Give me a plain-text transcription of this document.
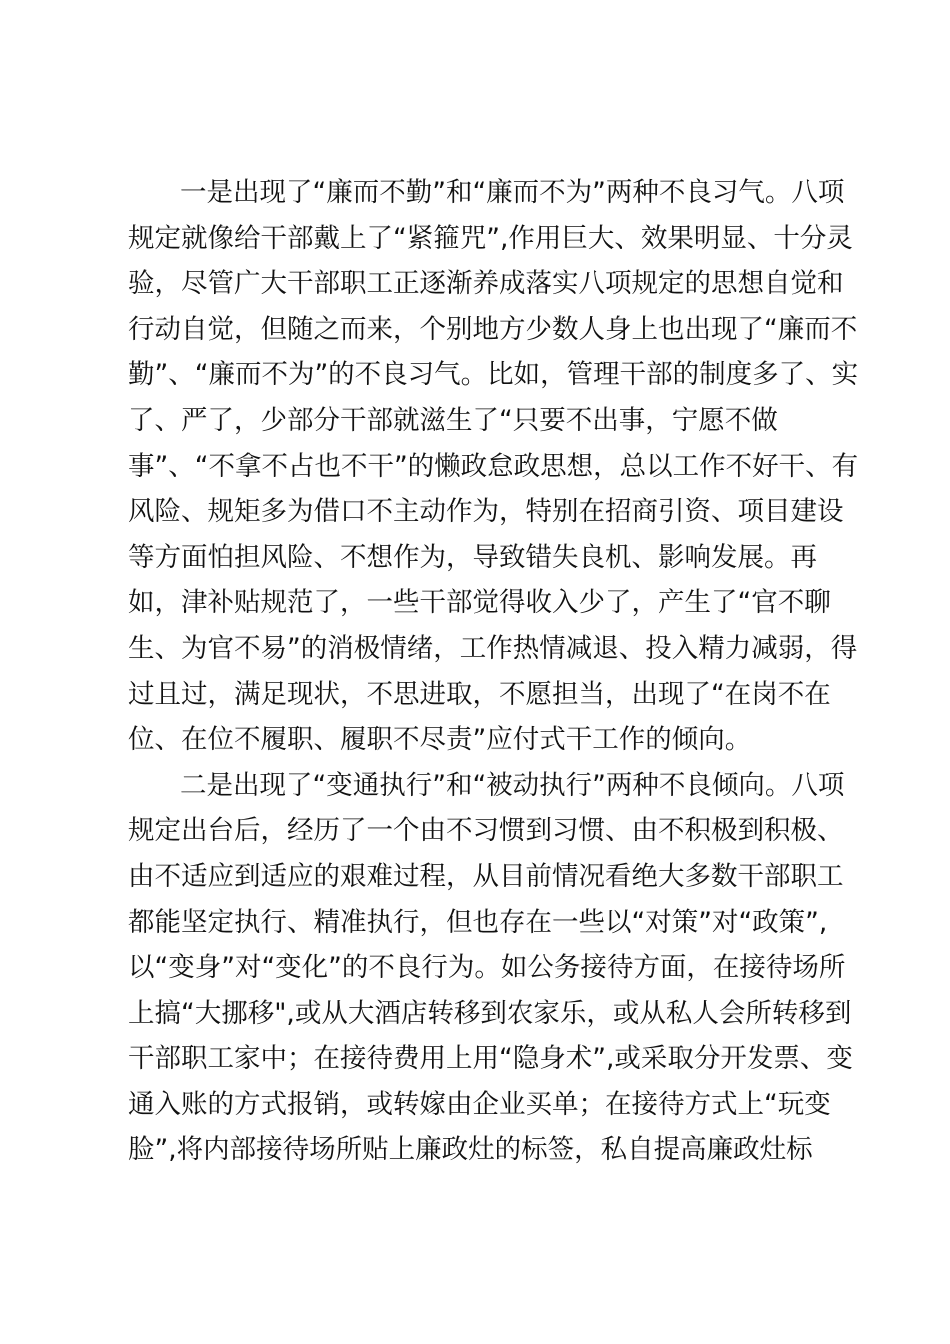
一是出现了“廉而不勤”和“廉而不为”两种不良习气。八项
规定就像给干部戴上了“紧箍咒”,作用巨大、效果明显、十分灵
验，尽管广大干部职工正逐渐养成落实八项规定的思想自觉和
行动自觉，但随之而来，个别地方少数人身上也出现了“廉而不
勤”、“廉而不为”的不良习气。比如，管理干部的制度多了、实
了、严了，少部分干部就滋生了“只要不出事，宁愿不做
事”、“不拿不占也不干”的懒政怠政思想，总以工作不好干、有
风险、规矩多为借口不主动作为，特别在招商引资、项目建设
等方面怕担风险、不想作为，导致错失良机、影响发展。再
如，津补贴规范了，一些干部觉得收入少了，产生了“官不聊
生、为官不易”的消极情绪，工作热情减退、投入精力减弱，得
过且过，满足现状，不思进取，不愿担当，出现了“在岗不在
位、在位不履职、履职不尽责”应付式干工作的倾向。
二是出现了“变通执行”和“被动执行”两种不良倾向。八项
规定出台后，经历了一个由不习惯到习惯、由不积极到积极、
由不适应到适应的艰难过程，从目前情况看绝大多数干部职工
都能坚定执行、精准执行，但也存在一些以“对策”对“政策”,
以“变身”对“变化”的不良行为。如公务接待方面，在接待场所
上搞“大挪移",或从大酒店转移到农家乐，或从私人会所转移到
干部职工家中；在接待费用上用“隐身术”,或采取分开发票、变
通入账的方式报销，或转嫁由企业买单；在接待方式上“玩变
脸”,将内部接待场所贴上廉政灶的标签，私自提高廉政灶标
